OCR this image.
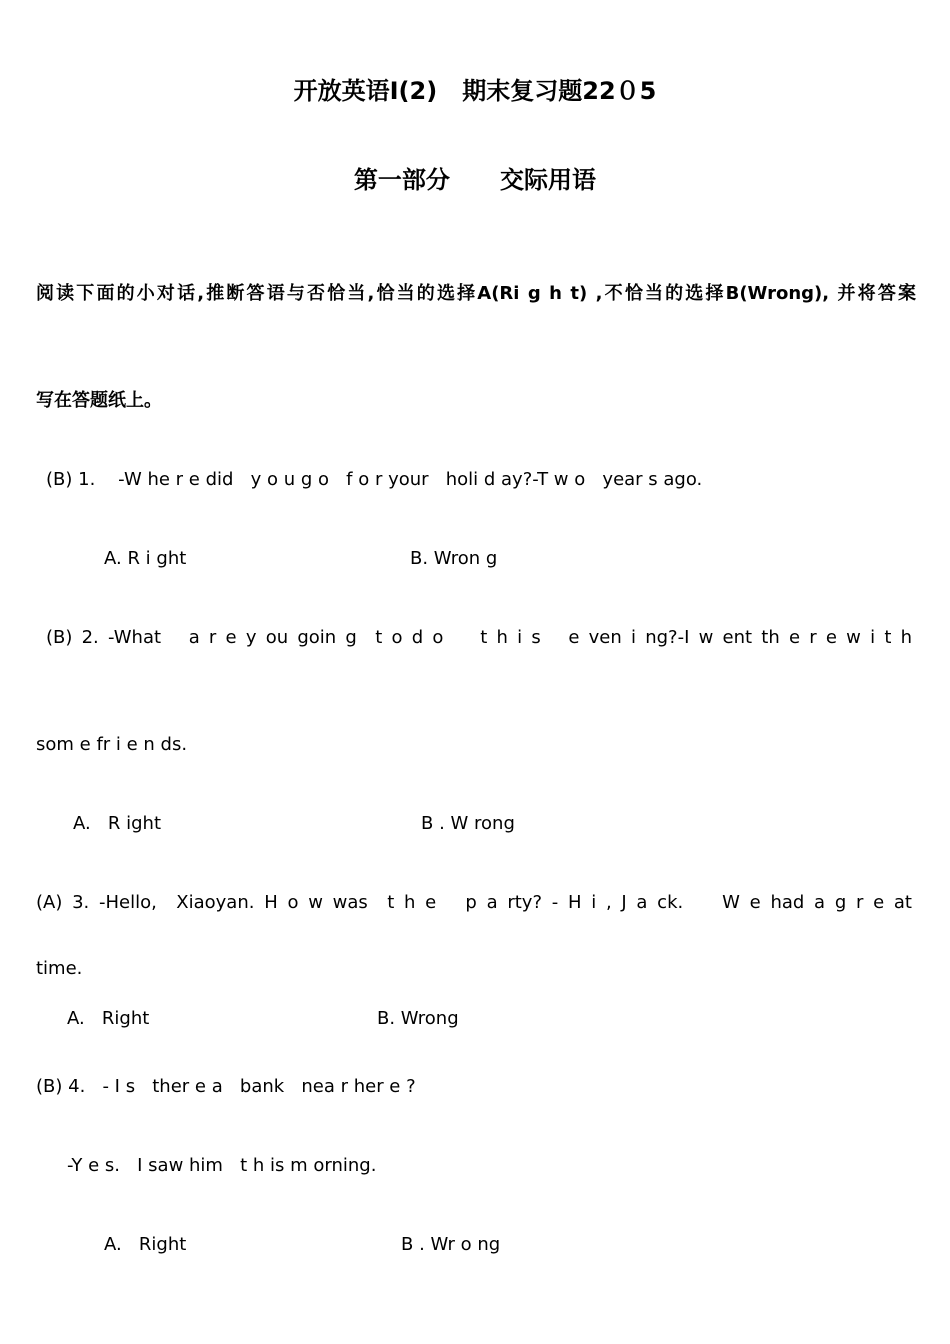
开放英语Ⅰ(2)   期末复习题22０5
第一部分      交际用语
阅读下面的小对话,推断答语与否恰当,恰当的选择A(Ri g h t) ,不恰当的选择B(Wrong), 并将答案
写在答题纸上。
(B) 1.    -W he r e did   y o u g o   f o r your   holi d ay?-T w o   year s ago.
A. R i ght	B. Wron g
(B) 2. -What   a r e y ou goin g  t o d o    t h i s   e ven i ng?-I w ent th e r e w i t h
som e fr i e n ds.
A.   R ight	B . W rong
(A) 3. -Hello,  Xiaoyan. H o w was  t h e   p a rty? - H i , J a ck.    W e had a g r e at
time.
A.   Right	B. Wrong
(B) 4.   - I s   ther e a   bank   nea r her e ?
-Y e s.   I saw him   t h is m orning.
A.   Right	B . Wr o ng
